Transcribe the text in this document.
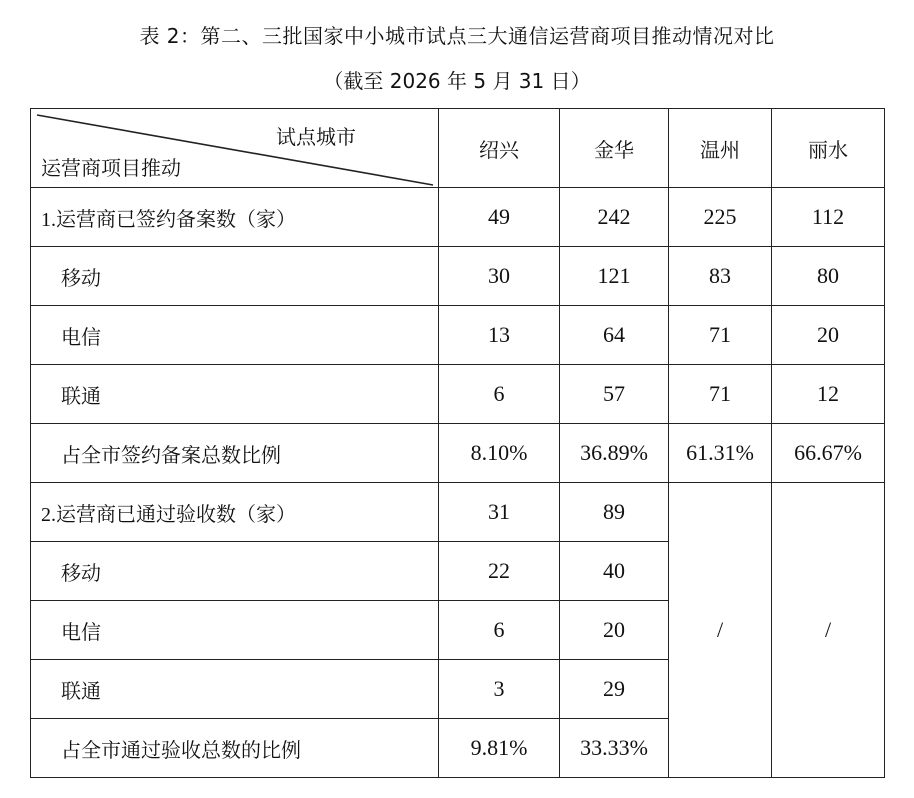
表 2：第二、三批国家中小城市试点三大通信运营商项目推动情况对比
（截至 2026 年 5 月 31 日）
试点城市
运营商项目推动	绍兴	金华	温州	丽水
1.运营商已签约备案数（家）	49	242	225	112
移动	30	121	83	80
电信	13	64	71	20
联通	6	57	71	12
占全市签约备案总数比例	8.10%	36.89%	61.31%	66.67%
2.运营商已通过验收数（家）	31	89	/	/
移动	22	40		
电信	6	20		
联通	3	29		
占全市通过验收总数的比例	9.81%	33.33%		
